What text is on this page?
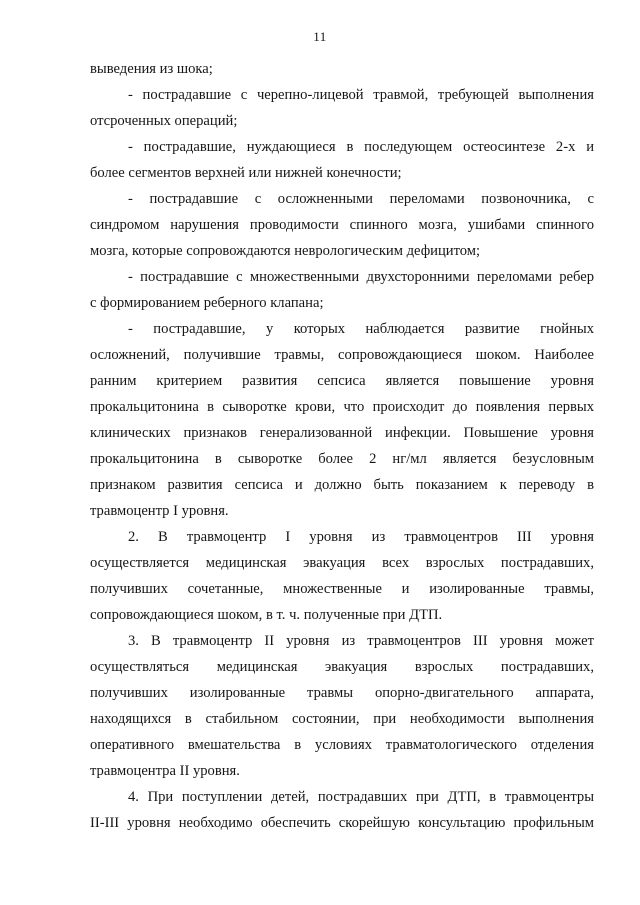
11
выведения из шока;
- пострадавшие с черепно-лицевой травмой, требующей выполнения
отсроченных операций;
- пострадавшие, нуждающиеся в последующем остеосинтезе 2-х и
более сегментов верхней или нижней конечности;
- пострадавшие с осложненными переломами позвоночника, с
синдромом нарушения проводимости спинного мозга, ушибами спинного
мозга, которые сопровождаются неврологическим дефицитом;
- пострадавшие с множественными двухсторонними переломами ребер
с формированием реберного клапана;
- пострадавшие, у которых наблюдается развитие гнойных
осложнений, получившие травмы, сопровождающиеся шоком. Наиболее
ранним критерием развития сепсиса является повышение уровня
прокальцитонина в сыворотке крови, что происходит до появления первых
клинических признаков генерализованной инфекции. Повышение уровня
прокальцитонина в сыворотке более 2 нг/мл является безусловным
признаком развития сепсиса и должно быть показанием к переводу в
травмоцентр I уровня.
2. В травмоцентр I уровня из травмоцентров III уровня
осуществляется медицинская эвакуация всех взрослых пострадавших,
получивших сочетанные, множественные и изолированные травмы,
сопровождающиеся шоком, в т. ч. полученные при ДТП.
3. В травмоцентр II уровня из травмоцентров III уровня может
осуществляться медицинская эвакуация взрослых пострадавших,
получивших изолированные травмы опорно-двигательного аппарата,
находящихся в стабильном состоянии, при необходимости выполнения
оперативного вмешательства в условиях травматологического отделения
травмоцентра II уровня.
4. При поступлении детей, пострадавших при ДТП, в травмоцентры
II-III уровня необходимо обеспечить скорейшую консультацию профильным
